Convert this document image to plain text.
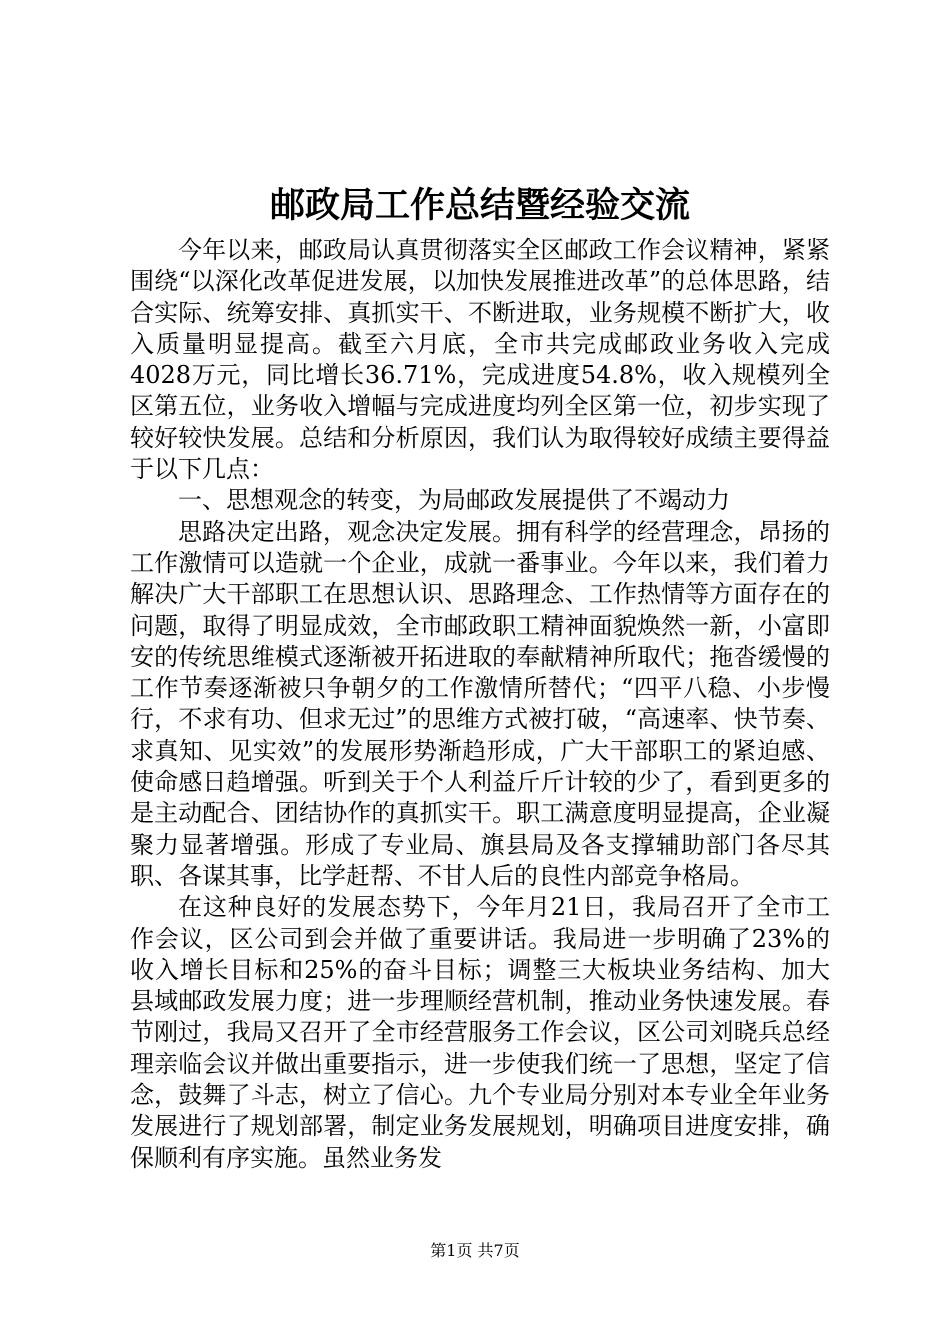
邮政局工作总结暨经验交流

今年以来，邮政局认真贯彻落实全区邮政工作会议精神，紧紧围绕“以深化改革促进发展，以加快发展推进改革”的总体思路，结合实际、统筹安排、真抓实干、不断进取，业务规模不断扩大，收入质量明显提高。截至六月底，全市共完成邮政业务收入完成4028万元，同比增长36.71%，完成进度54.8%，收入规模列全区第五位，业务收入增幅与完成进度均列全区第一位，初步实现了较好较快发展。总结和分析原因，我们认为取得较好成绩主要得益于以下几点：

一、思想观念的转变，为局邮政发展提供了不竭动力

思路决定出路，观念决定发展。拥有科学的经营理念，昂扬的工作激情可以造就一个企业，成就一番事业。今年以来，我们着力解决广大干部职工在思想认识、思路理念、工作热情等方面存在的问题，取得了明显成效，全市邮政职工精神面貌焕然一新，小富即安的传统思维模式逐渐被开拓进取的奉献精神所取代；拖沓缓慢的工作节奏逐渐被只争朝夕的工作激情所替代；“四平八稳、小步慢行，不求有功、但求无过”的思维方式被打破，“高速率、快节奏、求真知、见实效”的发展形势渐趋形成，广大干部职工的紧迫感、使命感日趋增强。听到关于个人利益斤斤计较的少了，看到更多的是主动配合、团结协作的真抓实干。职工满意度明显提高，企业凝聚力显著增强。形成了专业局、旗县局及各支撑辅助部门各尽其职、各谋其事，比学赶帮、不甘人后的良性内部竞争格局。

在这种良好的发展态势下，今年月21日，我局召开了全市工作会议，区公司到会并做了重要讲话。我局进一步明确了23%的收入增长目标和25%的奋斗目标；调整三大板块业务结构、加大县域邮政发展力度；进一步理顺经营机制，推动业务快速发展。春节刚过，我局又召开了全市经营服务工作会议，区公司刘晓兵总经理亲临会议并做出重要指示，进一步使我们统一了思想，坚定了信念，鼓舞了斗志，树立了信心。九个专业局分别对本专业全年业务发展进行了规划部署，制定业务发展规划，明确项目进度安排，确保顺利有序实施。虽然业务发

第1页 共7页
